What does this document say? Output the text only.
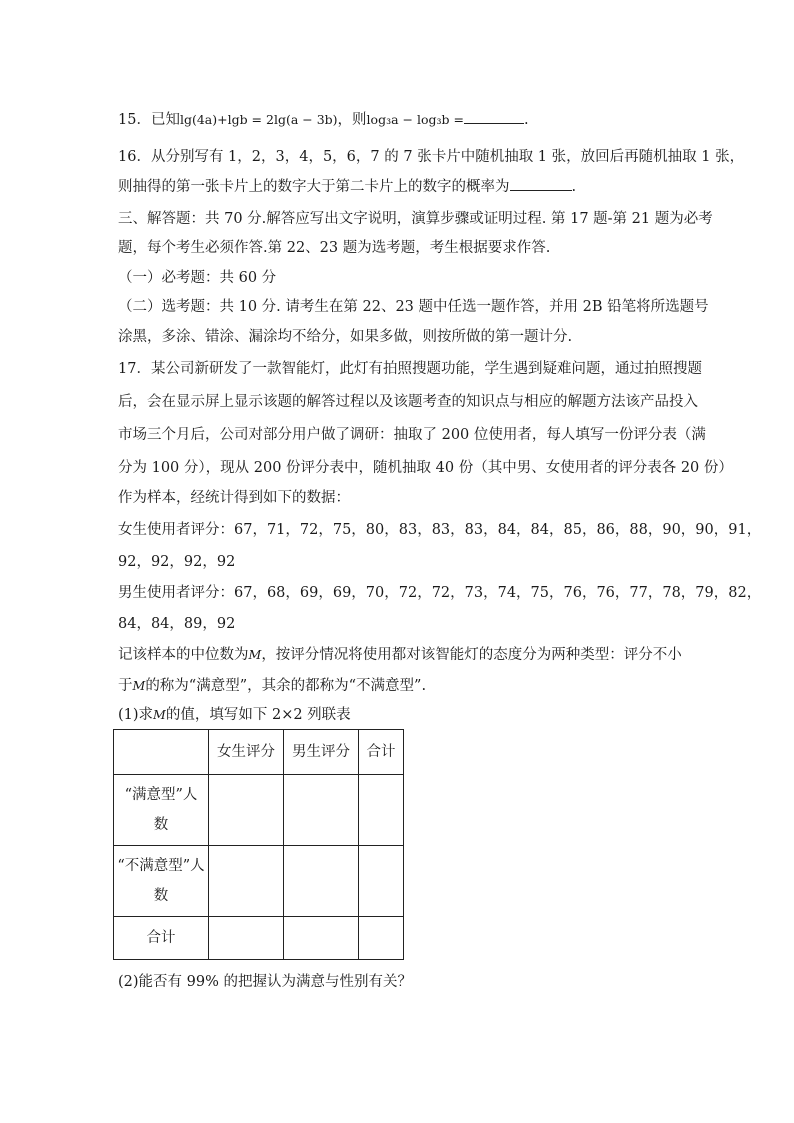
15．已知lg(4a)+lgb = 2lg(a − 3b)，则log₃a − log₃b =	.
16．从分别写有 1，2，3，4，5，6，7 的 7 张卡片中随机抽取 1 张，放回后再随机抽取 1 张，
则抽得的第一张卡片上的数字大于第二卡片上的数字的概率为	.
三、解答题：共 70 分.解答应写出文字说明，演算步骤或证明过程. 第 17 题-第 21 题为必考
题，每个考生必须作答.第 22、23 题为选考题，考生根据要求作答.
（一）必考题：共 60 分
（二）选考题：共 10 分. 请考生在第 22、23 题中任选一题作答，并用 2B 铅笔将所选题号
涂黑，多涂、错涂、漏涂均不给分，如果多做，则按所做的第一题计分.
17．某公司新研发了一款智能灯，此灯有拍照搜题功能，学生遇到疑难问题，通过拍照搜题
后，会在显示屏上显示该题的解答过程以及该题考查的知识点与相应的解题方法该产品投入
市场三个月后，公司对部分用户做了调研：抽取了 200 位使用者，每人填写一份评分表（满
分为 100 分），现从 200 份评分表中，随机抽取 40 份（其中男、女使用者的评分表各 20 份）
作为样本，经统计得到如下的数据：
女生使用者评分：67，71，72，75，80，83，83，83，84，84，85，86，88，90，90，91，
92，92，92，92
男生使用者评分：67，68，69，69，70，72，72，73，74，75，76，76，77，78，79，82，
84，84，89，92
记该样本的中位数为M，按评分情况将使用都对该智能灯的态度分为两种类型：评分不小
于M的称为“满意型”，其余的都称为“不满意型”.
(1)求M的值，填写如下 2×2 列联表
	女生评分	男生评分	合计

“满意型”人
数			

“不满意型”人
数			

合计			

(2)能否有 99% 的把握认为满意与性别有关？
